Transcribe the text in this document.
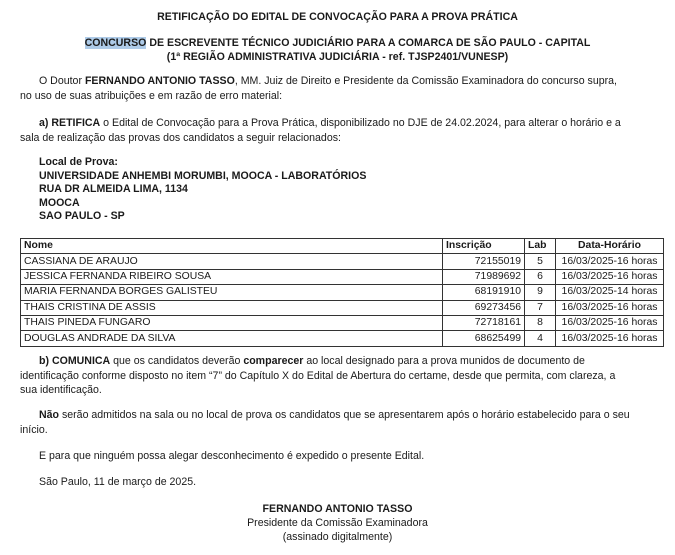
RETIFICAÇÃO DO EDITAL DE CONVOCAÇÃO PARA A PROVA PRÁTICA
CONCURSO DE ESCREVENTE TÉCNICO JUDICIÁRIO PARA A COMARCA DE SÃO PAULO - CAPITAL
(1ª REGIÃO ADMINISTRATIVA JUDICIÁRIA - ref. TJSP2401/VUNESP)
O Doutor FERNANDO ANTONIO TASSO, MM. Juiz de Direito e Presidente da Comissão Examinadora do concurso supra,
no uso de suas atribuições e em razão de erro material:
a) RETIFICA o Edital de Convocação para a Prova Prática, disponibilizado no DJE de 24.02.2024, para alterar o horário e a
sala de realização das provas dos candidatos a seguir relacionados:
Local de Prova:
UNIVERSIDADE ANHEMBI MORUMBI, MOOCA - LABORATÓRIOS
RUA DR ALMEIDA LIMA, 1134
MOOCA
SAO PAULO - SP
Nome	Inscrição	Lab	Data-Horário
CASSIANA DE ARAUJO	72155019	5	16/03/2025-16 horas
JESSICA FERNANDA RIBEIRO SOUSA	71989692	6	16/03/2025-16 horas
MARIA FERNANDA BORGES GALISTEU	68191910	9	16/03/2025-14 horas
THAIS CRISTINA DE ASSIS	69273456	7	16/03/2025-16 horas
THAIS PINEDA FUNGARO	72718161	8	16/03/2025-16 horas
DOUGLAS ANDRADE DA SILVA	68625499	4	16/03/2025-16 horas
b) COMUNICA que os candidatos deverão comparecer ao local designado para a prova munidos de documento de
identificação conforme disposto no item “7” do Capítulo X do Edital de Abertura do certame, desde que permita, com clareza, a
sua identificação.
Não serão admitidos na sala ou no local de prova os candidatos que se apresentarem após o horário estabelecido para o seu
início.
E para que ninguém possa alegar desconhecimento é expedido o presente Edital.
São Paulo, 11 de março de 2025.
FERNANDO ANTONIO TASSO
Presidente da Comissão Examinadora
(assinado digitalmente)
